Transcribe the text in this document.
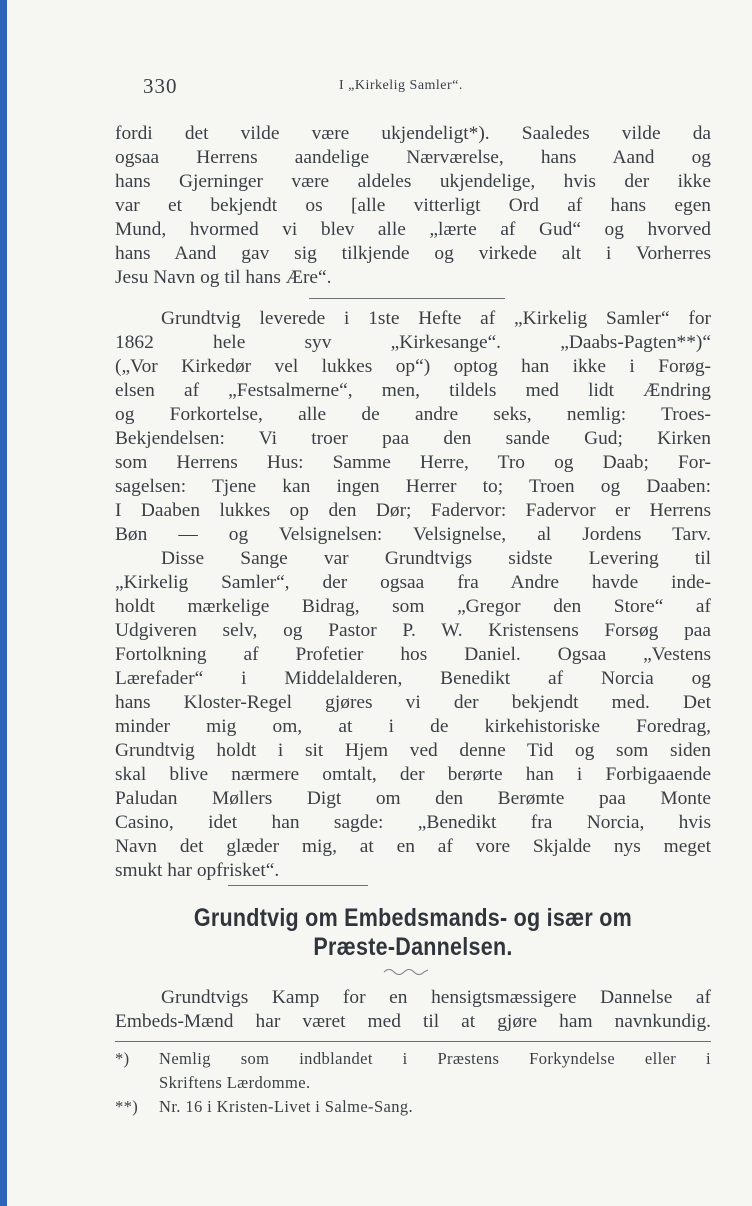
330	I „Kirkelig Samler“.
fordi det vilde være ukjendeligt*). Saaledes vilde da
ogsaa Herrens aandelige Nærværelse, hans Aand og
hans Gjerninger være aldeles ukjendelige, hvis der ikke
var et bekjendt os [alle vitterligt Ord af hans egen
Mund, hvormed vi blev alle „lærte af Gud“ og hvorved
hans Aand gav sig tilkjende og virkede alt i Vorherres
Jesu Navn og til hans Ære“.
Grundtvig leverede i 1ste Hefte af „Kirkelig Samler“ for
1862 hele syv „Kirkesange“. „Daabs-Pagten**)“
(„Vor Kirkedør vel lukkes op“) optog han ikke i Forøg-
elsen af „Festsalmerne“, men, tildels med lidt Ændring
og Forkortelse, alle de andre seks, nemlig: Troes-
Bekjendelsen: Vi troer paa den sande Gud; Kirken
som Herrens Hus: Samme Herre, Tro og Daab; For-
sagelsen: Tjene kan ingen Herrer to; Troen og Daaben:
I Daaben lukkes op den Dør; Fadervor: Fadervor er Herrens
Bøn — og Velsignelsen: Velsignelse, al Jordens Tarv.
Disse Sange var Grundtvigs sidste Levering til
„Kirkelig Samler“, der ogsaa fra Andre havde inde-
holdt mærkelige Bidrag, som „Gregor den Store“ af
Udgiveren selv, og Pastor P. W. Kristensens Forsøg paa
Fortolkning af Profetier hos Daniel. Ogsaa „Vestens
Lærefader“ i Middelalderen, Benedikt af Norcia og
hans Kloster-Regel gjøres vi der bekjendt med. Det
minder mig om, at i de kirkehistoriske Foredrag,
Grundtvig holdt i sit Hjem ved denne Tid og som siden
skal blive nærmere omtalt, der berørte han i Forbigaaende
Paludan Møllers Digt om den Berømte paa Monte
Casino, idet han sagde: „Benedikt fra Norcia, hvis
Navn det glæder mig, at en af vore Skjalde nys meget
smukt har opfrisket“.
Grundtvig om Embedsmands- og især om
Præste-Dannelsen.
Grundtvigs Kamp for en hensigtsmæssigere Dannelse af
Embeds-Mænd har været med til at gjøre ham navnkundig.
*) Nemlig som indblandet i Præstens Forkyndelse eller i
Skriftens Lærdomme.
**) Nr. 16 i Kristen-Livet i Salme-Sang.
